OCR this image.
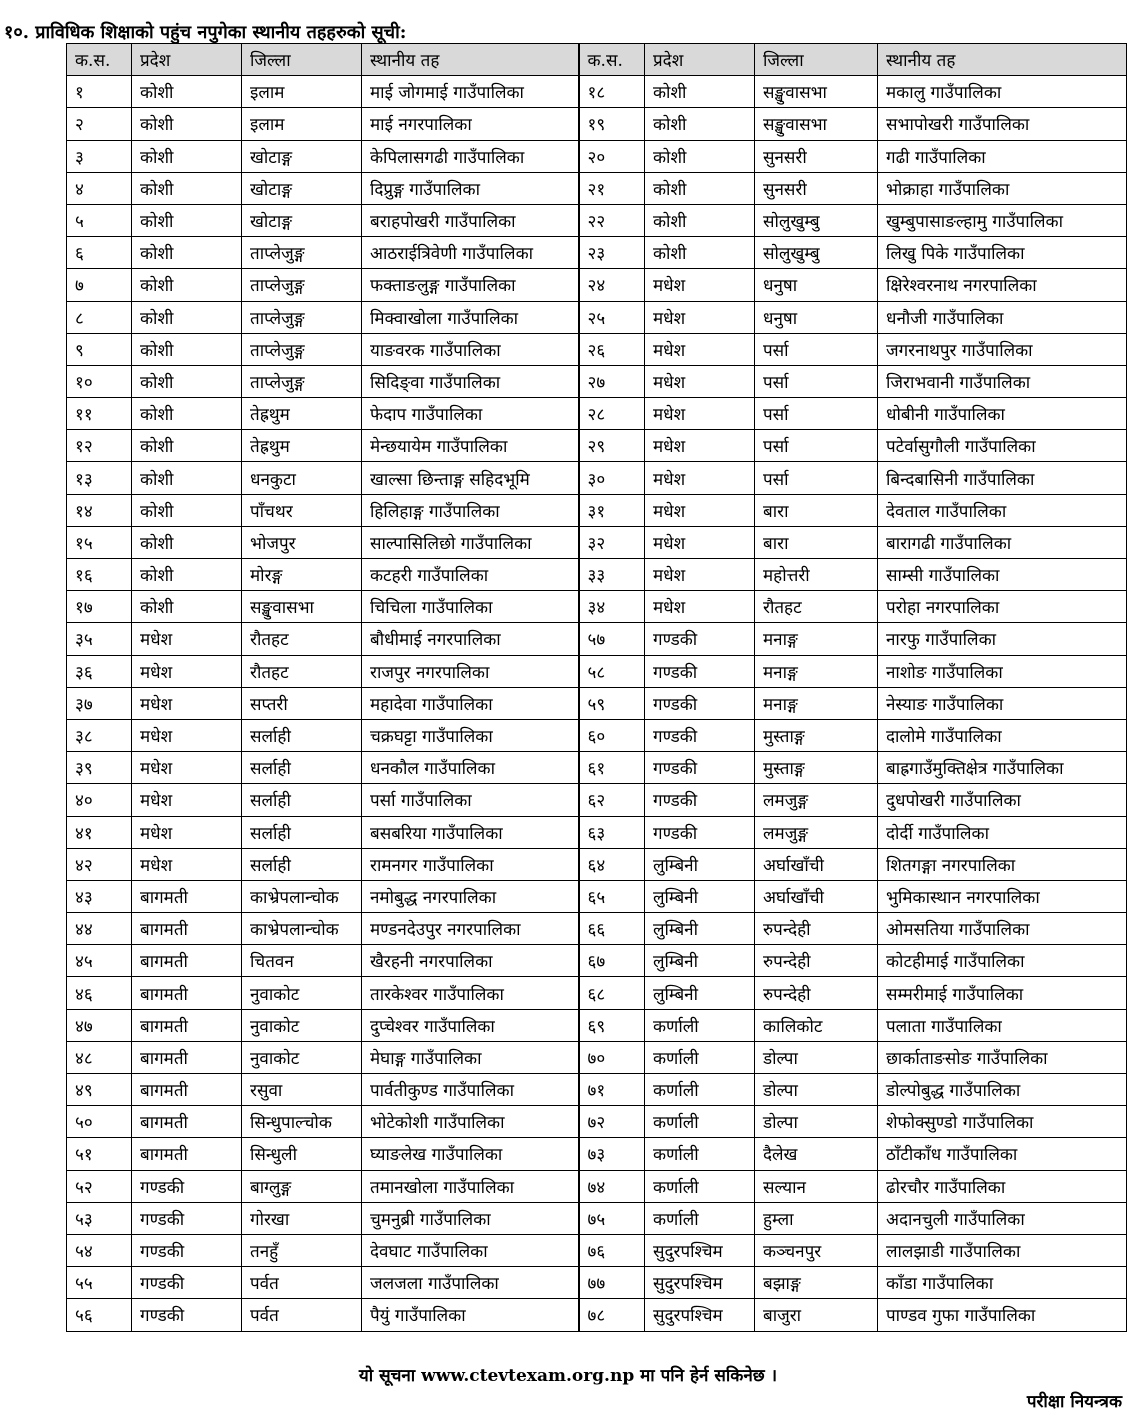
१०. प्राविधिक शिक्षाको पहुंच नपुगेका स्थानीय तहहरुको सूची:
क.स.	प्रदेश	जिल्ला	स्थानीय तह	क.स.	प्रदेश	जिल्ला	स्थानीय तह
१	कोशी	इलाम	माई जोगमाई गाउँपालिका	१८	कोशी	सङ्खुवासभा	मकालु गाउँपालिका
२	कोशी	इलाम	माई नगरपालिका	१९	कोशी	सङ्खुवासभा	सभापोखरी गाउँपालिका
३	कोशी	खोटाङ्ग	केपिलासगढी गाउँपालिका	२०	कोशी	सुनसरी	गढी गाउँपालिका
४	कोशी	खोटाङ्ग	दिप्रुङ्ग गाउँपालिका	२१	कोशी	सुनसरी	भोक्राहा गाउँपालिका
५	कोशी	खोटाङ्ग	बराहपोखरी गाउँपालिका	२२	कोशी	सोलुखुम्बु	खुम्बुपासाङल्हामु गाउँपालिका
६	कोशी	ताप्लेजुङ्ग	आठराईत्रिवेणी गाउँपालिका	२३	कोशी	सोलुखुम्बु	लिखु पिके गाउँपालिका
७	कोशी	ताप्लेजुङ्ग	फक्ताङलुङ्ग गाउँपालिका	२४	मधेश	धनुषा	क्षिरेश्वरनाथ नगरपालिका
८	कोशी	ताप्लेजुङ्ग	मिक्वाखोला गाउँपालिका	२५	मधेश	धनुषा	धनौजी गाउँपालिका
९	कोशी	ताप्लेजुङ्ग	याङवरक गाउँपालिका	२६	मधेश	पर्सा	जगरनाथपुर गाउँपालिका
१०	कोशी	ताप्लेजुङ्ग	सिदिङ्वा गाउँपालिका	२७	मधेश	पर्सा	जिराभवानी गाउँपालिका
११	कोशी	तेह्रथुम	फेदाप गाउँपालिका	२८	मधेश	पर्सा	धोबीनी गाउँपालिका
१२	कोशी	तेह्रथुम	मेन्छयायेम गाउँपालिका	२९	मधेश	पर्सा	पटेर्वासुगौली गाउँपालिका
१३	कोशी	धनकुटा	खाल्सा छिन्ताङ्ग सहिदभूमि	३०	मधेश	पर्सा	बिन्दबासिनी गाउँपालिका
१४	कोशी	पाँचथर	हिलिहाङ्ग गाउँपालिका	३१	मधेश	बारा	देवताल गाउँपालिका
१५	कोशी	भोजपुर	साल्पासिलिछो गाउँपालिका	३२	मधेश	बारा	बारागढी गाउँपालिका
१६	कोशी	मोरङ्ग	कटहरी गाउँपालिका	३३	मधेश	महोत्तरी	साम्सी गाउँपालिका
१७	कोशी	सङ्खुवासभा	चिचिला गाउँपालिका	३४	मधेश	रौतहट	परोहा नगरपालिका
३५	मधेश	रौतहट	बौधीमाई नगरपालिका	५७	गण्डकी	मनाङ्ग	नारफु गाउँपालिका
३६	मधेश	रौतहट	राजपुर नगरपालिका	५८	गण्डकी	मनाङ्ग	नाशोङ गाउँपालिका
३७	मधेश	सप्तरी	महादेवा गाउँपालिका	५९	गण्डकी	मनाङ्ग	नेस्याङ गाउँपालिका
३८	मधेश	सर्लाही	चक्रघट्टा गाउँपालिका	६०	गण्डकी	मुस्ताङ्ग	दालोमे गाउँपालिका
३९	मधेश	सर्लाही	धनकौल गाउँपालिका	६१	गण्डकी	मुस्ताङ्ग	बाह्रगाउँमुक्तिक्षेत्र गाउँपालिका
४०	मधेश	सर्लाही	पर्सा गाउँपालिका	६२	गण्डकी	लमजुङ्ग	दुधपोखरी गाउँपालिका
४१	मधेश	सर्लाही	बसबरिया गाउँपालिका	६३	गण्डकी	लमजुङ्ग	दोर्दी गाउँपालिका
४२	मधेश	सर्लाही	रामनगर गाउँपालिका	६४	लुम्बिनी	अर्घाखाँची	शितगङ्गा नगरपालिका
४३	बागमती	काभ्रेपलान्चोक	नमोबुद्ध नगरपालिका	६५	लुम्बिनी	अर्घाखाँची	भुमिकास्थान नगरपालिका
४४	बागमती	काभ्रेपलान्चोक	मण्डनदेउपुर नगरपालिका	६६	लुम्बिनी	रुपन्देही	ओमसतिया गाउँपालिका
४५	बागमती	चितवन	खैरहनी नगरपालिका	६७	लुम्बिनी	रुपन्देही	कोटहीमाई गाउँपालिका
४६	बागमती	नुवाकोट	तारकेश्वर गाउँपालिका	६८	लुम्बिनी	रुपन्देही	सम्मरीमाई गाउँपालिका
४७	बागमती	नुवाकोट	दुप्चेश्वर गाउँपालिका	६९	कर्णाली	कालिकोट	पलाता गाउँपालिका
४८	बागमती	नुवाकोट	मेघाङ्ग गाउँपालिका	७०	कर्णाली	डोल्पा	छार्काताङसोङ गाउँपालिका
४९	बागमती	रसुवा	पार्वतीकुण्ड गाउँपालिका	७१	कर्णाली	डोल्पा	डोल्पोबुद्ध गाउँपालिका
५०	बागमती	सिन्धुपाल्चोक	भोटेकोशी गाउँपालिका	७२	कर्णाली	डोल्पा	शेफोक्सुण्डो गाउँपालिका
५१	बागमती	सिन्धुली	घ्याङलेख गाउँपालिका	७३	कर्णाली	दैलेख	ठाँटीकाँध गाउँपालिका
५२	गण्डकी	बाग्लुङ्ग	तमानखोला गाउँपालिका	७४	कर्णाली	सल्यान	ढोरचौर गाउँपालिका
५३	गण्डकी	गोरखा	चुमनुब्री गाउँपालिका	७५	कर्णाली	हुम्ला	अदानचुली गाउँपालिका
५४	गण्डकी	तनहुँ	देवघाट गाउँपालिका	७६	सुदुरपश्चिम	कञ्चनपुर	लालझाडी गाउँपालिका
५५	गण्डकी	पर्वत	जलजला गाउँपालिका	७७	सुदुरपश्चिम	बझाङ्ग	काँडा गाउँपालिका
५६	गण्डकी	पर्वत	पैयुं गाउँपालिका	७८	सुदुरपश्चिम	बाजुरा	पाण्डव गुफा गाउँपालिका
यो सूचना www.ctevtexam.org.np मा पनि हेर्न सकिनेछ ।
परीक्षा नियन्त्रक
